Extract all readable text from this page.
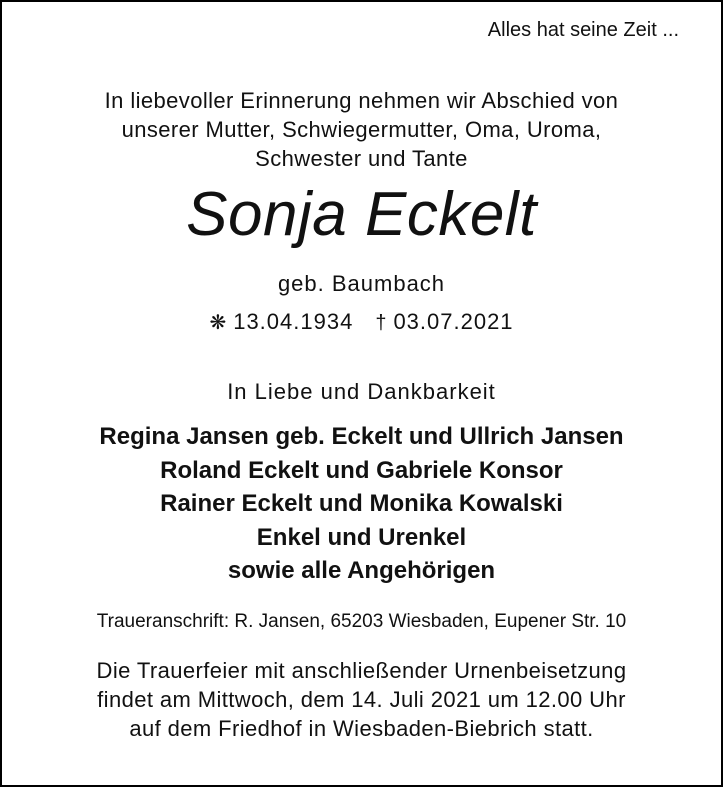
Alles hat seine Zeit ...
In liebevoller Erinnerung nehmen wir Abschied von
unserer Mutter, Schwiegermutter, Oma, Uroma,
Schwester und Tante
Sonja Eckelt
geb. Baumbach
❋ 13.04.1934 † 03.07.2021
In Liebe und Dankbarkeit
Regina Jansen geb. Eckelt und Ullrich Jansen
Roland Eckelt und Gabriele Konsor
Rainer Eckelt und Monika Kowalski
Enkel und Urenkel
sowie alle Angehörigen
Traueranschrift: R. Jansen, 65203 Wiesbaden, Eupener Str. 10
Die Trauerfeier mit anschließender Urnenbeisetzung
findet am Mittwoch, dem 14. Juli 2021 um 12.00 Uhr
auf dem Friedhof in Wiesbaden-Biebrich statt.
